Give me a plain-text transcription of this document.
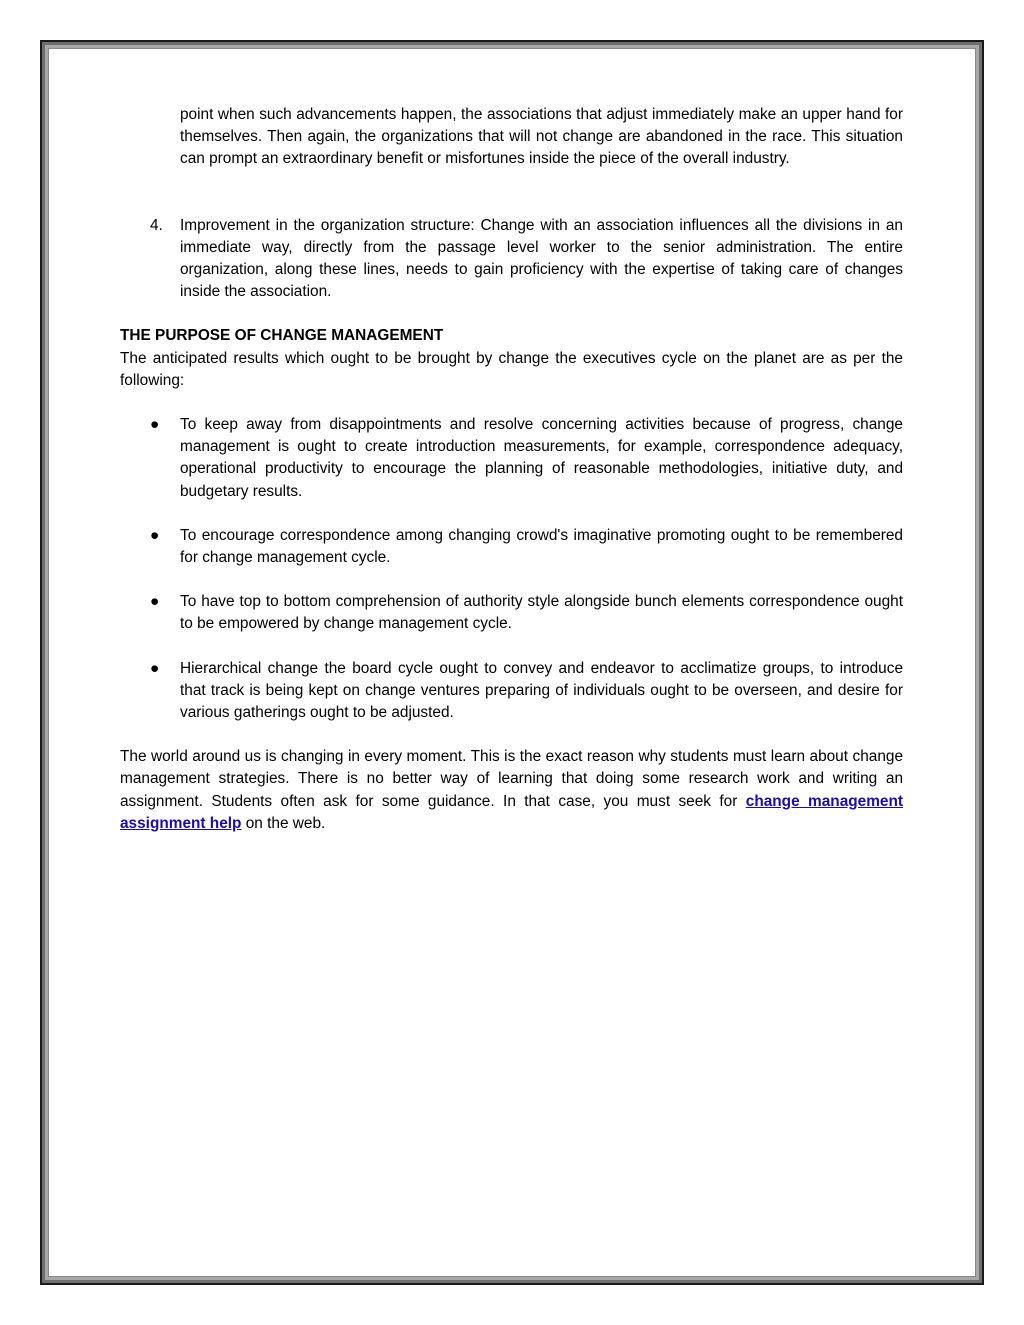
point when such advancements happen, the associations that adjust immediately make an upper hand for themselves. Then again, the organizations that will not change are abandoned in the race. This situation can prompt an extraordinary benefit or misfortunes inside the piece of the overall industry.

4.	Improvement in the organization structure: Change with an association influences all the divisions in an immediate way, directly from the passage level worker to the senior administration. The entire organization, along these lines, needs to gain proficiency with the expertise of taking care of changes inside the association.

THE PURPOSE OF CHANGE MANAGEMENT

The anticipated results which ought to be brought by change the executives cycle on the planet are as per the following:

●	To keep away from disappointments and resolve concerning activities because of progress, change management is ought to create introduction measurements, for example, correspondence adequacy, operational productivity to encourage the planning of reasonable methodologies, initiative duty, and budgetary results.
●	To encourage correspondence among changing crowd's imaginative promoting ought to be remembered for change management cycle.
●	To have top to bottom comprehension of authority style alongside bunch elements correspondence ought to be empowered by change management cycle.
●	Hierarchical change the board cycle ought to convey and endeavor to acclimatize groups, to introduce that track is being kept on change ventures preparing of individuals ought to be overseen, and desire for various gatherings ought to be adjusted.

The world around us is changing in every moment. This is the exact reason why students must learn about change management strategies. There is no better way of learning that doing some research work and writing an assignment. Students often ask for some guidance. In that case, you must seek for change management assignment help on the web.
